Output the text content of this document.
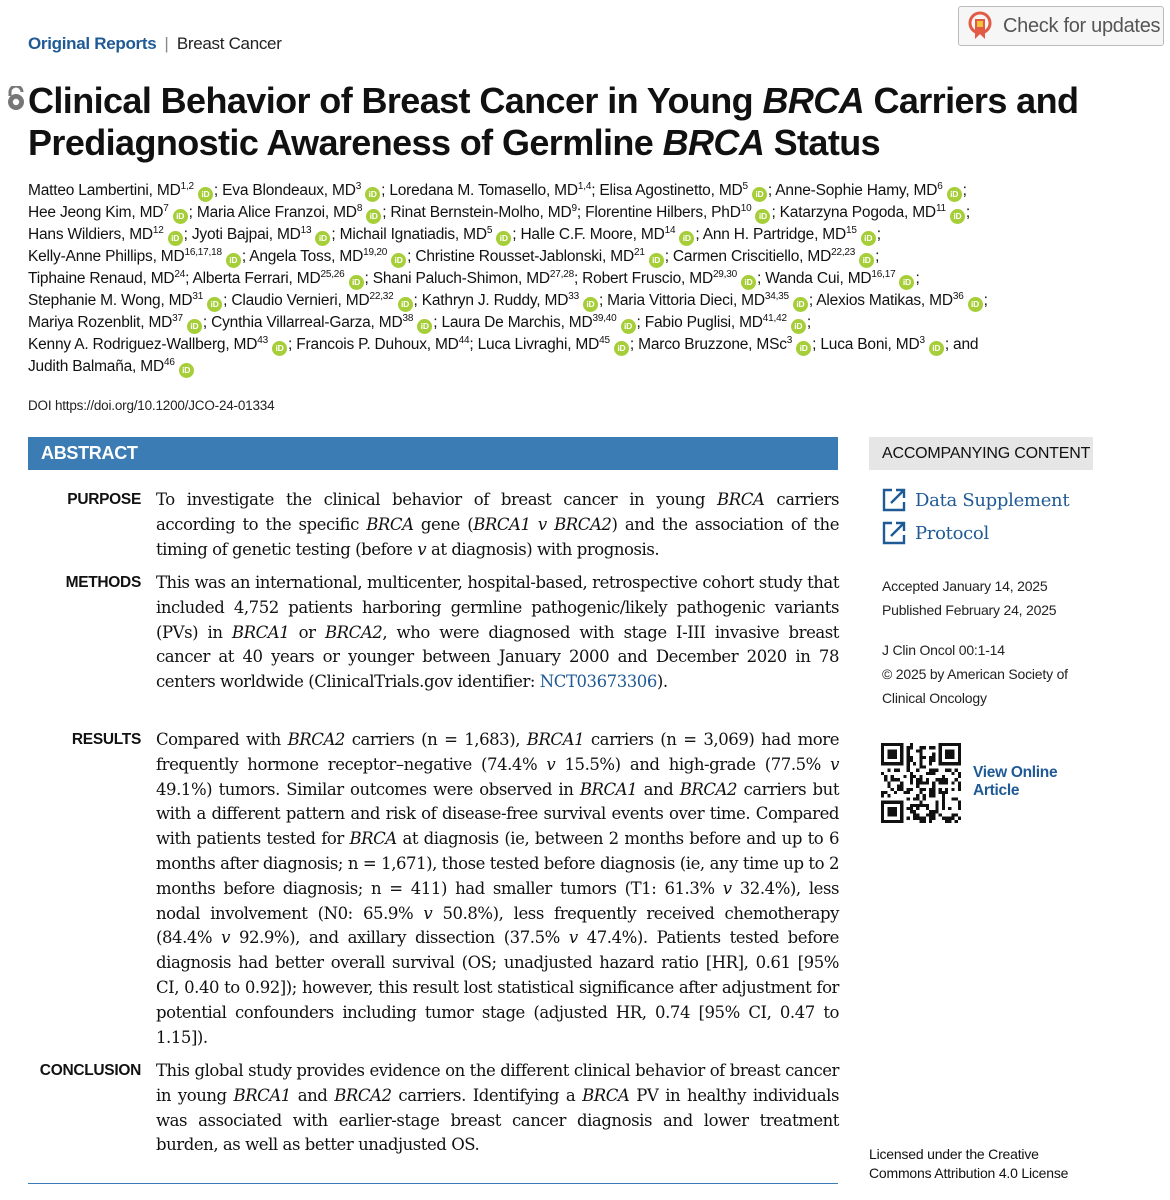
Original Reports | Breast Cancer
Check for updates
Clinical Behavior of Breast Cancer in Young BRCA Carriers and Prediagnostic Awareness of Germline BRCA Status
Matteo Lambertini, MD$^{1,2}$iD ; Eva Blondeaux, $MD^3iD$ ; Loredana M. Tomasello, MD$^{1,4}$; Elisa Agostinetto, $MD^5iD$ ; Anne-Sophie Hamy, $MD^6iD$ ;
Hee Jeong Kim, $MD^7iD$ ; Maria Alice Franzoi, $MD^8iD$ ; Rinat Bernstein-Molho, $MD^9$; Florentine Hilbers, PhD$^{10}$iD ; Katarzyna Pogoda, MD$^{11}$iD ;
Hans Wildiers, MD$^{12}$iD ; Jyoti Bajpai, MD$^{13}$iD ; Michail Ignatiadis, $MD^5iD$ ; Halle C.F. Moore, MD$^{14}$iD ; Ann H. Partridge, MD$^{15}$iD ;
Kelly-Anne Phillips, MD$^{16,17,18}$iD ; Angela Toss, MD$^{19,20}$iD ; Christine Rousset-Jablonski, MD$^{21}$iD ; Carmen Criscitiello, MD$^{22,23}$iD ;
Tiphaine Renaud, MD$^{24}$; Alberta Ferrari, MD$^{25,26}$iD ; Shani Paluch-Shimon, MD$^{27,28}$; Robert Fruscio, MD$^{29,30}$iD ; Wanda Cui, MD$^{16,17}$iD ;
Stephanie M. Wong, MD$^{31}$iD ; Claudio Vernieri, MD$^{22,32}$iD ; Kathryn J. Ruddy, MD$^{33}$iD ; Maria Vittoria Dieci, MD$^{34,35}$iD ; Alexios Matikas, MD$^{36}$iD ;
Mariya Rozenblit, MD$^{37}$iD ; Cynthia Villarreal-Garza, MD$^{38}$iD ; Laura De Marchis, MD$^{39,40}$iD ; Fabio Puglisi, MD$^{41,42}$iD ;
Kenny A. Rodriguez-Wallberg, MD$^{43}$iD ; Francois P. Duhoux, MD$^{44}$; Luca Livraghi, MD$^{45}$iD ; Marco Bruzzone, MSc$^3$iD ; Luca Boni, $MD^3iD$ ; and
Judith Balmaña, MD$^{46}$iD
DOI https://doi.org/10.1200/JCO-24-01334
ABSTRACT
PURPOSE To investigate the clinical behavior of breast cancer in young BRCA carriers according to the specific BRCA gene (BRCA1 v BRCA2) and the association of the timing of genetic testing (before v at diagnosis) with prognosis.

METHODS This was an international, multicenter, hospital-based, retrospective cohort study that included 4,752 patients harboring germline pathogenic/likely pathogenic variants (PVs) in BRCA1 or BRCA2, who were diagnosed with stage I-III invasive breast cancer at 40 years or younger between January 2000 and December 2020 in 78 centers worldwide (ClinicalTrials.gov identifier: NCT03673306).

RESULTS Compared with BRCA2 carriers (n = 1,683), BRCA1 carriers (n = 3,069) had more frequently hormone receptor–negative (74.4% v 15.5%) and high-grade (77.5% v 49.1%) tumors. Similar outcomes were observed in BRCA1 and BRCA2 carriers but with a different pattern and risk of disease-free survival events over time. Compared with patients tested for BRCA at diagnosis (ie, between 2 months before and up to 6 months after diagnosis; n = 1,671), those tested before diagnosis (ie, any time up to 2 months before diagnosis; n = 411) had smaller tumors (T1: 61.3% v 32.4%), less nodal involvement (N0: 65.9% v 50.8%), less frequently received chemotherapy (84.4% v 92.9%), and axillary dissection (37.5% v 47.4%). Patients tested before diagnosis had better overall survival (OS; unadjusted hazard ratio [HR], 0.61 [95% CI, 0.40 to 0.92]); however, this result lost statistical significance after adjustment for potential confounders including tumor stage (adjusted HR, 0.74 [95% CI, 0.47 to 1.15]).

CONCLUSION This global study provides evidence on the different clinical behavior of breast cancer in young BRCA1 and BRCA2 carriers. Identifying a BRCA PV in healthy individuals was associated with earlier-stage breast cancer diagnosis and lower treatment burden, as well as better unadjusted OS.

ACCOMPANYING CONTENT
Data Supplement
Protocol
Accepted January 14, 2025
Published February 24, 2025
J Clin Oncol 00:1-14
© 2025 by American Society of
Clinical Oncology
View Online Article
Licensed under the Creative
Commons Attribution 4.0 License
